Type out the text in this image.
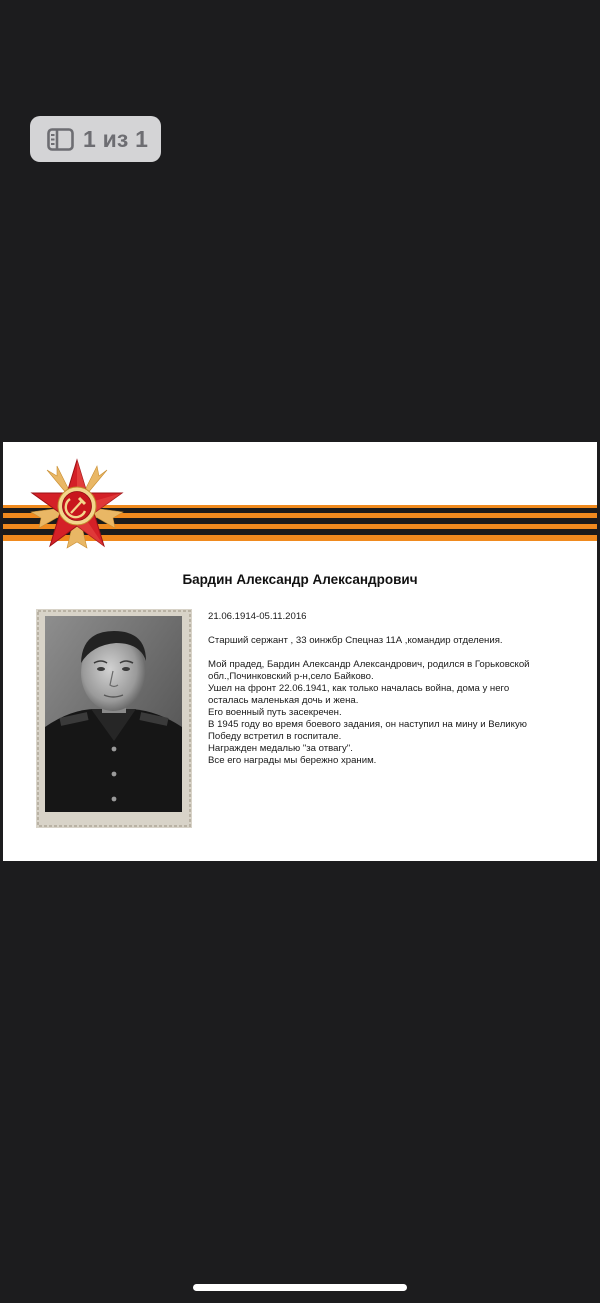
1 из 1
Бардин Александр Александрович

21.06.1914-05.11.2016

Старший сержант , 33 оинжбр Спецназ 11А ,командир отделения.

Мой прадед, Бардин Александр Александрович, родился в Горьковской

обл.,Починковский р-н,село Байково.

Ушел на фронт 22.06.1941, как только началась война, дома у него

осталась маленькая дочь и жена.

Его военный путь засекречен.

В 1945 году во время боевого задания, он наступил на мину и Великую

Победу встретил в госпитале.

Награжден медалью "за отвагу".

Все его награды мы бережно храним.
